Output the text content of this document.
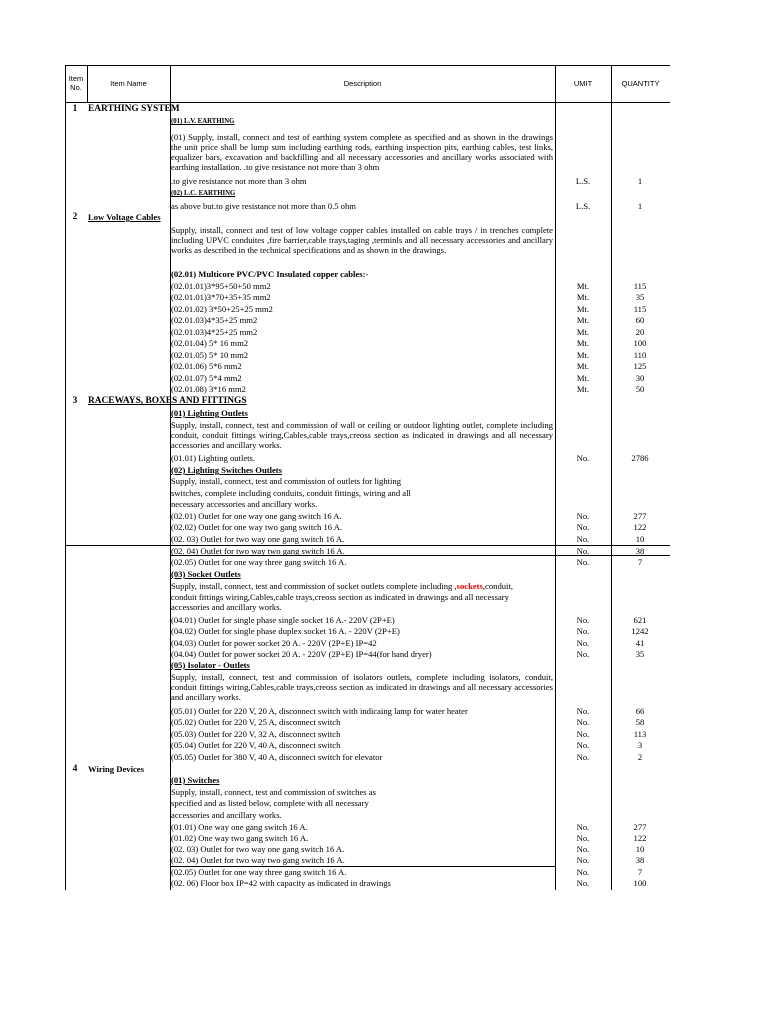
Item No.	Item Name	Description	UMIT	QUANTITY
1	EARTHING SYSTEM
(01) L.V. EARTHING
(01) Supply, install, connect and test of earthing system complete as specified and as shown in the drawings the unit price shall be lump sum including earthing rods, earthing inspection pits, earthing cables, test links, equalizer bars, excavation and backfilling and all necessary accessories and ancillary works associated with earthing installation. .to give resistance not more than 3 ohm
.to give resistance not more than 3 ohm	L.S.	1
(02) L.C. EARTHING
as above but.to give resistance not more than 0.5 ohm	L.S.	1
2	Low Voltage Cables
Supply, install, connect and test of low voltage copper cables installed on cable trays / in trenches complete including UPVC conduites ,fire barrier,cable trays,taging ,terminls and all necessary accessories and ancillary works as described in the technical specifications and as shown in the drawings.
(02.01) Multicore PVC/PVC Insulated copper cables:-
(02.01.01)3*95+50+50 mm2	Mt.	115
(02.01.01)3*70+35+35 mm2	Mt.	35
(02.01.02) 3*50+25+25 mm2	Mt.	115
(02.01.03)4*35+25 mm2	Mt.	60
(02.01.03)4*25+25 mm2	Mt.	20
(02.01.04) 5* 16 mm2	Mt.	100
(02.01.05) 5* 10 mm2	Mt.	110
(02.01.06) 5*6 mm2	Mt.	125
(02.01.07) 5*4 mm2	Mt.	30
(02.01.08) 3*16 mm2	Mt.	50
3	RACEWAYS, BOXES AND FITTINGS
(01) Lighting Outlets
Supply, install, connect, test and commission of wall or ceiling or outdoor lighting outlet, complete including conduit, conduit fittings wiring,Cables,cable trays,creoss section as indicated in drawings and all necessary accessories and ancillary works.
(01.01) Lighting outlets.	No.	2786
(02) Lighting Switches Outlets
Supply, install, connect, test and commission of outlets for lighting
switches, complete including conduits, conduit fittings, wiring and all
necessary accessories and ancillary works.
(02.01) Outlet for one way one gang switch 16 A.	No.	277
(02.02) Outlet for one way two gang switch 16 A.	No.	122
(02. 03) Outlet for two way one gang switch 16 A.	No.	10
(02. 04) Outlet for two way two gang switch 16 A.	No.	38
(02.05) Outlet for one way three gang switch 16 A.	No.	7
(03) Socket Outlets
Supply, install, connect, test and commission of socket outlets complete including ,sockets,conduit,
conduit fittings wiring,Cables,cable trays,creoss section as indicated in drawings and all necessary
accessories and ancillary works.
(04.01) Outlet for single phase single socket 16 A.- 220V (2P+E)	No.	621
(04.02) Outlet for single phase duplex socket 16 A. - 220V (2P+E)	No.	1242
(04.03) Outlet for power socket 20 A. - 220V (2P+E) IP=42	No.	41
(04.04) Outlet for power socket 20 A. - 220V (2P+E) IP=44(for hand dryer)	No.	35
(05) Isolator - Outlets
Supply, install, connect, test and commission of isolators outlets, complete including isolators, conduit, conduit fittings wiring,Cables,cable trays,creoss section as indicated in drawings and all necessary accessories and ancillary works.
(05.01) Outlet for 220 V, 20 A, disconnect switch with indicaing lamp for water heater	No.	66
(05.02) Outlet for 220 V, 25 A, disconnect switch	No.	58
(05.03) Outlet for 220 V, 32 A, disconnect switch	No.	113
(05.04) Outlet for 220 V, 40 A, disconnect switch	No.	3
(05.05) Outlet for 380 V, 40 A, disconnect switch for elevator	No.	2
4	Wiring Devices
(01) Switches
Supply, install, connect, test and commission of switches as
specified and as listed below, complete with all necessary
accessories and ancillary works.
(01.01) One way one gang switch 16 A.	No.	277
(01.02) One way two gang switch 16 A.	No.	122
(02. 03) Outlet for two way one gang switch 16 A.	No.	10
(02. 04) Outlet for two way two gang switch 16 A.	No.	38
(02.05) Outlet for one way three gang switch 16 A.	No.	7
(02. 06) Floor box IP=42 with capacity as indicated in drawings	No.	100
